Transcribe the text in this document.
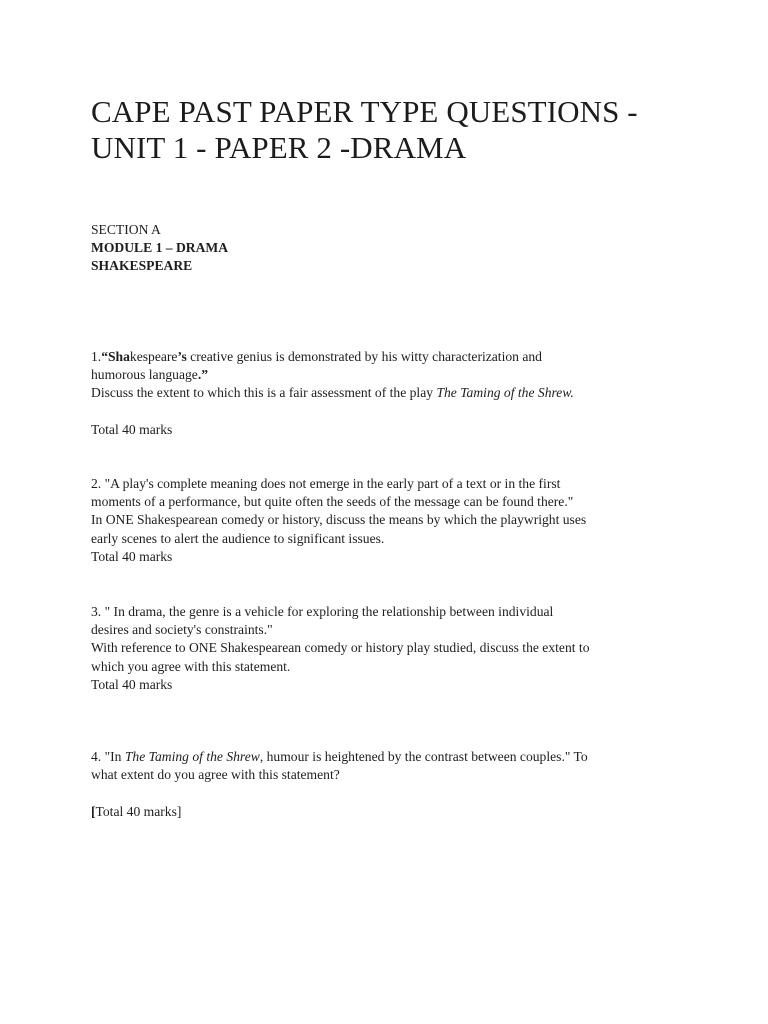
CAPE PAST PAPER TYPE QUESTIONS - UNIT 1 - PAPER 2 -DRAMA
SECTION A
MODULE 1 – DRAMA
SHAKESPEARE
1.“Shakespeare’s creative genius is demonstrated by his witty characterization and
humorous language.”
Discuss the extent to which this is a fair assessment of the play The Taming of the Shrew.
Total 40 marks
2. "A play's complete meaning does not emerge in the early part of a text or in the first
moments of a performance, but quite often the seeds of the message can be found there."
In ONE Shakespearean comedy or history, discuss the means by which the playwright uses
early scenes to alert the audience to significant issues.
Total 40 marks
3. " In drama, the genre is a vehicle for exploring the relationship between individual
desires and society's constraints."
With reference to ONE Shakespearean comedy or history play studied, discuss the extent to
which you agree with this statement.
Total 40 marks
4. "In The Taming of the Shrew, humour is heightened by the contrast between couples." To
what extent do you agree with this statement?
[Total 40 marks]
